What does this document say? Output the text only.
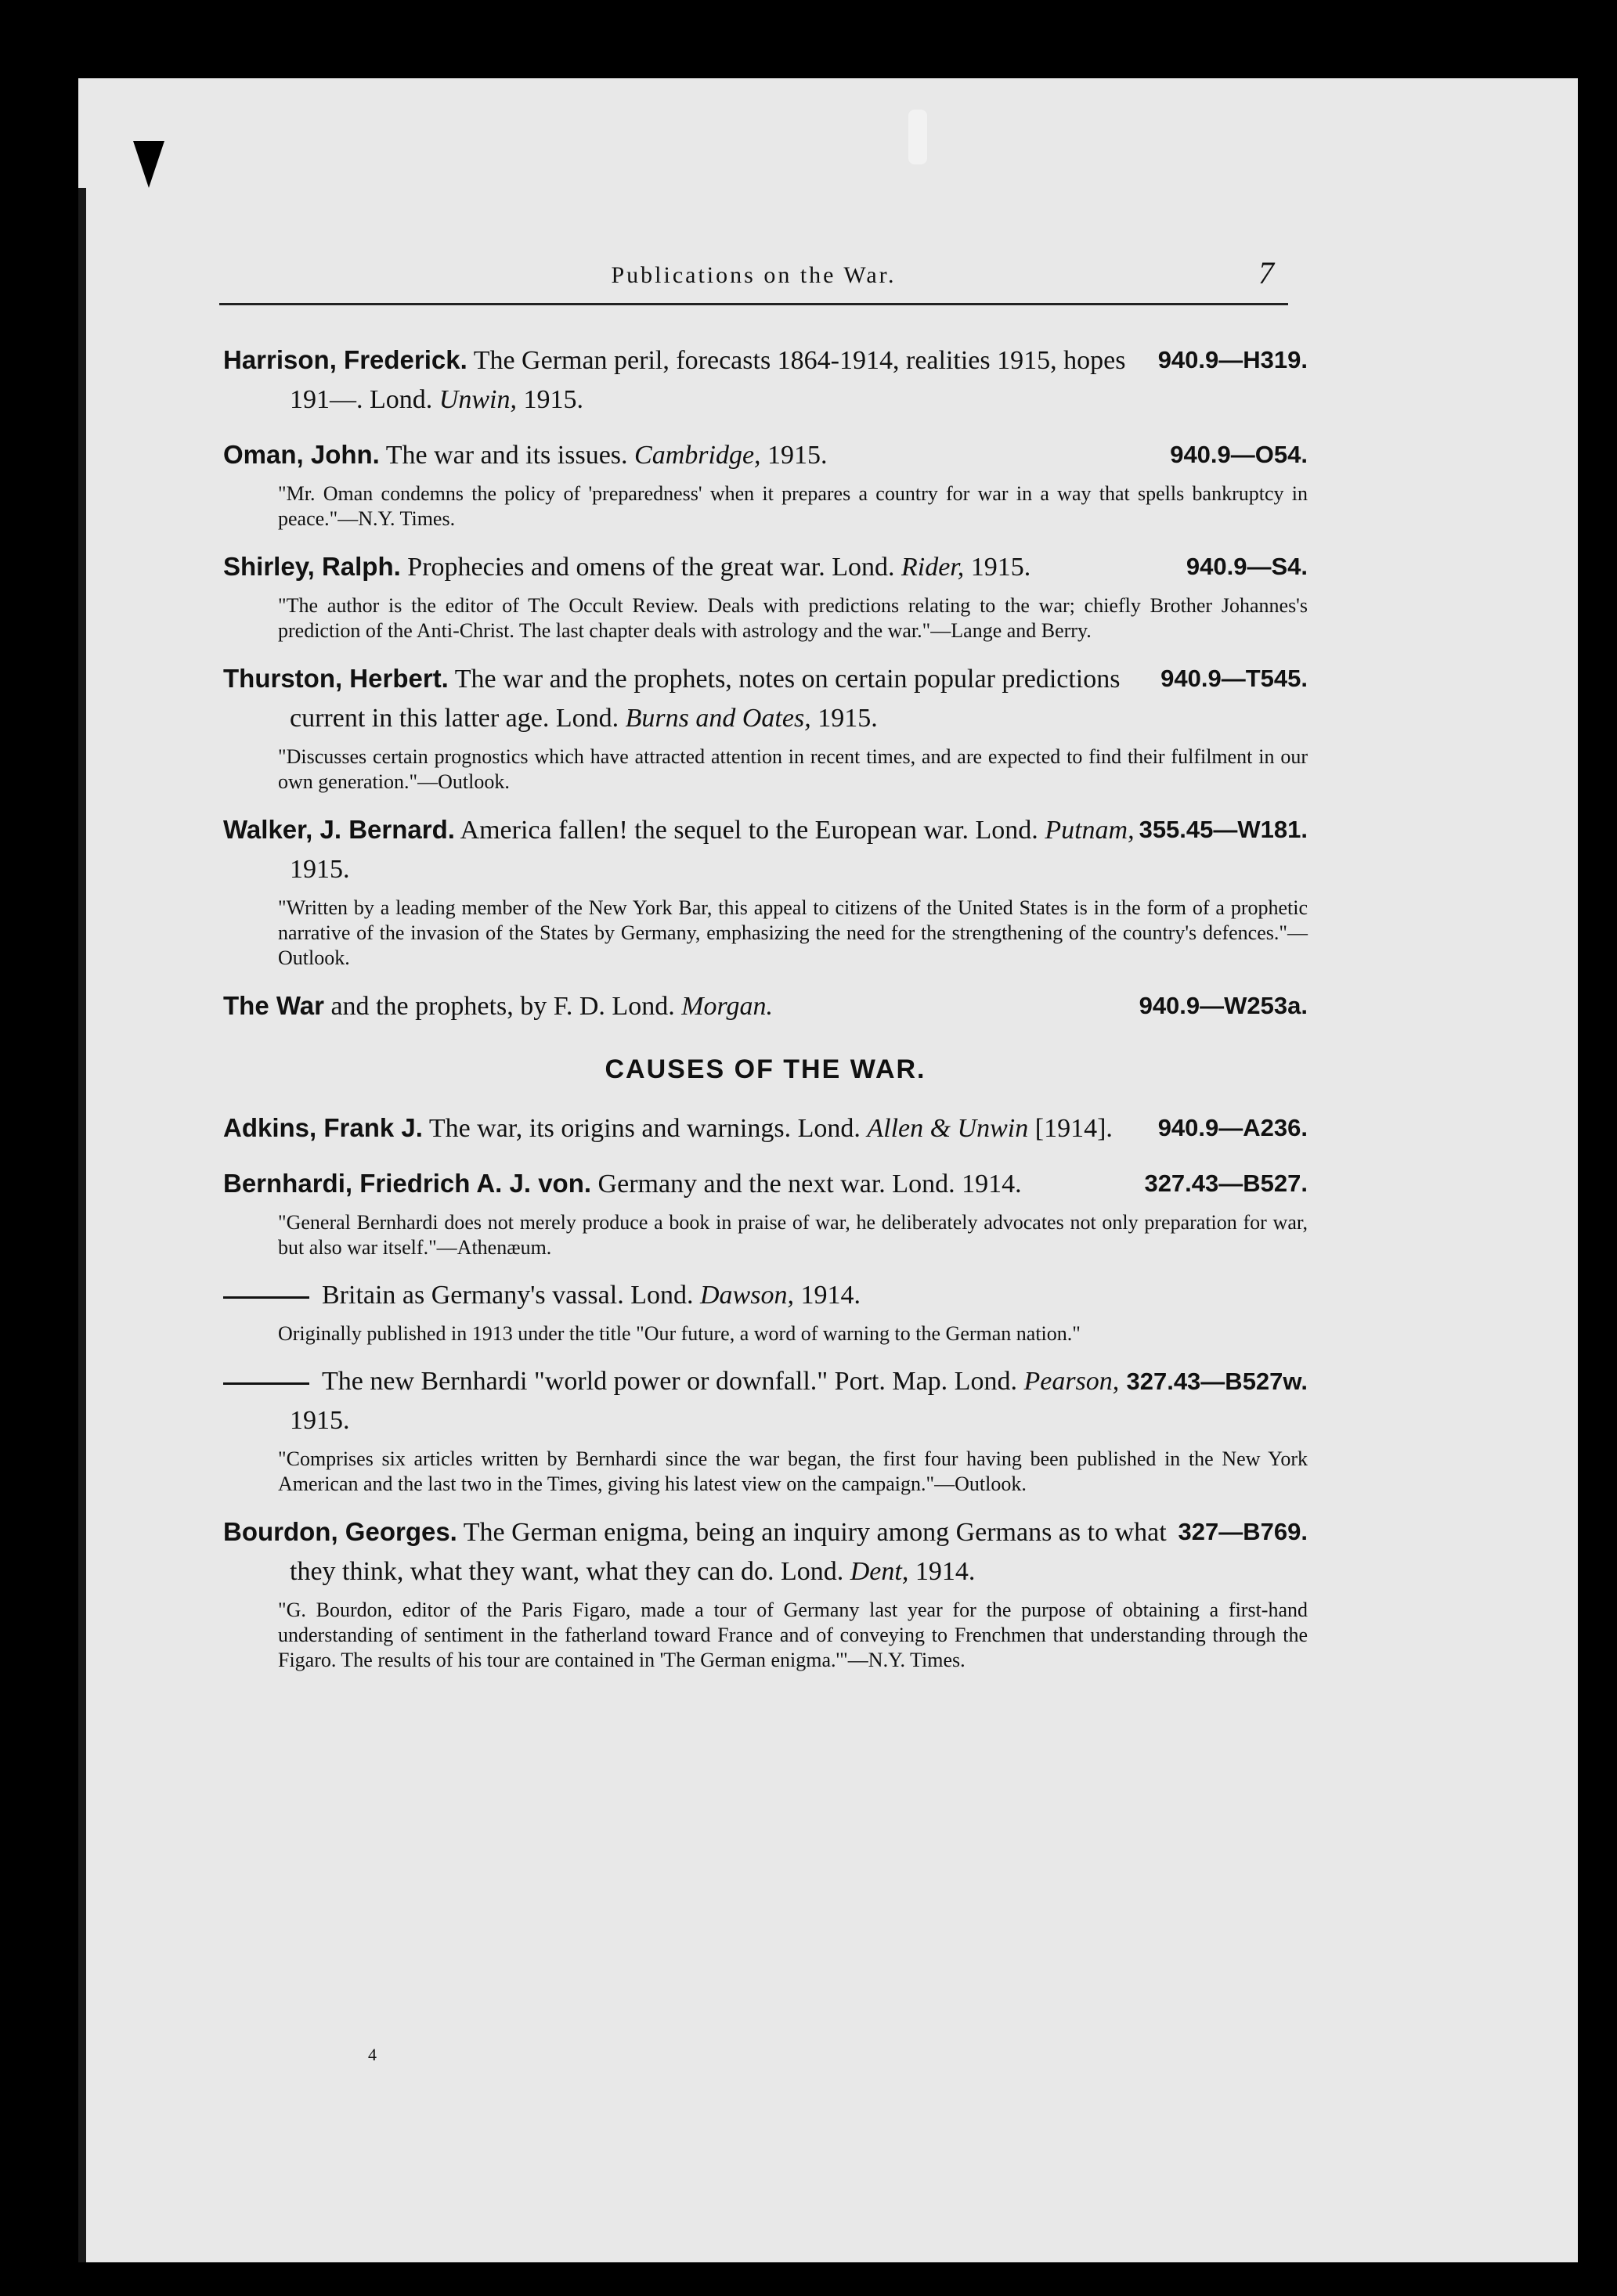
Publications on the War.	7
940.9—H319.
Harrison, Frederick. The German peril, forecasts 1864-1914, realities 1915, hopes 191—. Lond. Unwin, 1915.
940.9—O54.
Oman, John. The war and its issues. Cambridge, 1915.
"Mr. Oman condemns the policy of 'preparedness' when it prepares a country for war in a way that spells bankruptcy in peace."—N.Y. Times.
940.9—S4.
Shirley, Ralph. Prophecies and omens of the great war. Lond. Rider, 1915.
"The author is the editor of The Occult Review. Deals with predictions relating to the war; chiefly Brother Johannes's prediction of the Anti-Christ. The last chapter deals with astrology and the war."—Lange and Berry.
940.9—T545.
Thurston, Herbert. The war and the prophets, notes on certain popular predictions current in this latter age. Lond. Burns and Oates, 1915.
"Discusses certain prognostics which have attracted attention in recent times, and are expected to find their fulfilment in our own generation."—Outlook.
355.45—W181.
Walker, J. Bernard. America fallen! the sequel to the European war. Lond. Putnam, 1915.
"Written by a leading member of the New York Bar, this appeal to citizens of the United States is in the form of a prophetic narrative of the invasion of the States by Germany, emphasizing the need for the strengthening of the country's defences."—Outlook.
940.9—W253a.
The War and the prophets, by F. D. Lond. Morgan.
CAUSES OF THE WAR.
940.9—A236.
Adkins, Frank J. The war, its origins and warnings. Lond. Allen & Unwin [1914].
327.43—B527.
Bernhardi, Friedrich A. J. von. Germany and the next war. Lond. 1914.
"General Bernhardi does not merely produce a book in praise of war, he deliberately advocates not only preparation for war, but also war itself."—Athenæum.
Britain as Germany's vassal. Lond. Dawson, 1914.
Originally published in 1913 under the title "Our future, a word of warning to the German nation."
327.43—B527w.
The new Bernhardi "world power or downfall." Port. Map. Lond. Pearson, 1915.
"Comprises six articles written by Bernhardi since the war began, the first four having been published in the New York American and the last two in the Times, giving his latest view on the campaign."—Outlook.
327—B769.
Bourdon, Georges. The German enigma, being an inquiry among Germans as to what they think, what they want, what they can do. Lond. Dent, 1914.
"G. Bourdon, editor of the Paris Figaro, made a tour of Germany last year for the purpose of obtaining a first-hand understanding of sentiment in the fatherland toward France and of conveying to Frenchmen that understanding through the Figaro. The results of his tour are contained in 'The German enigma.'"—N.Y. Times.
4
